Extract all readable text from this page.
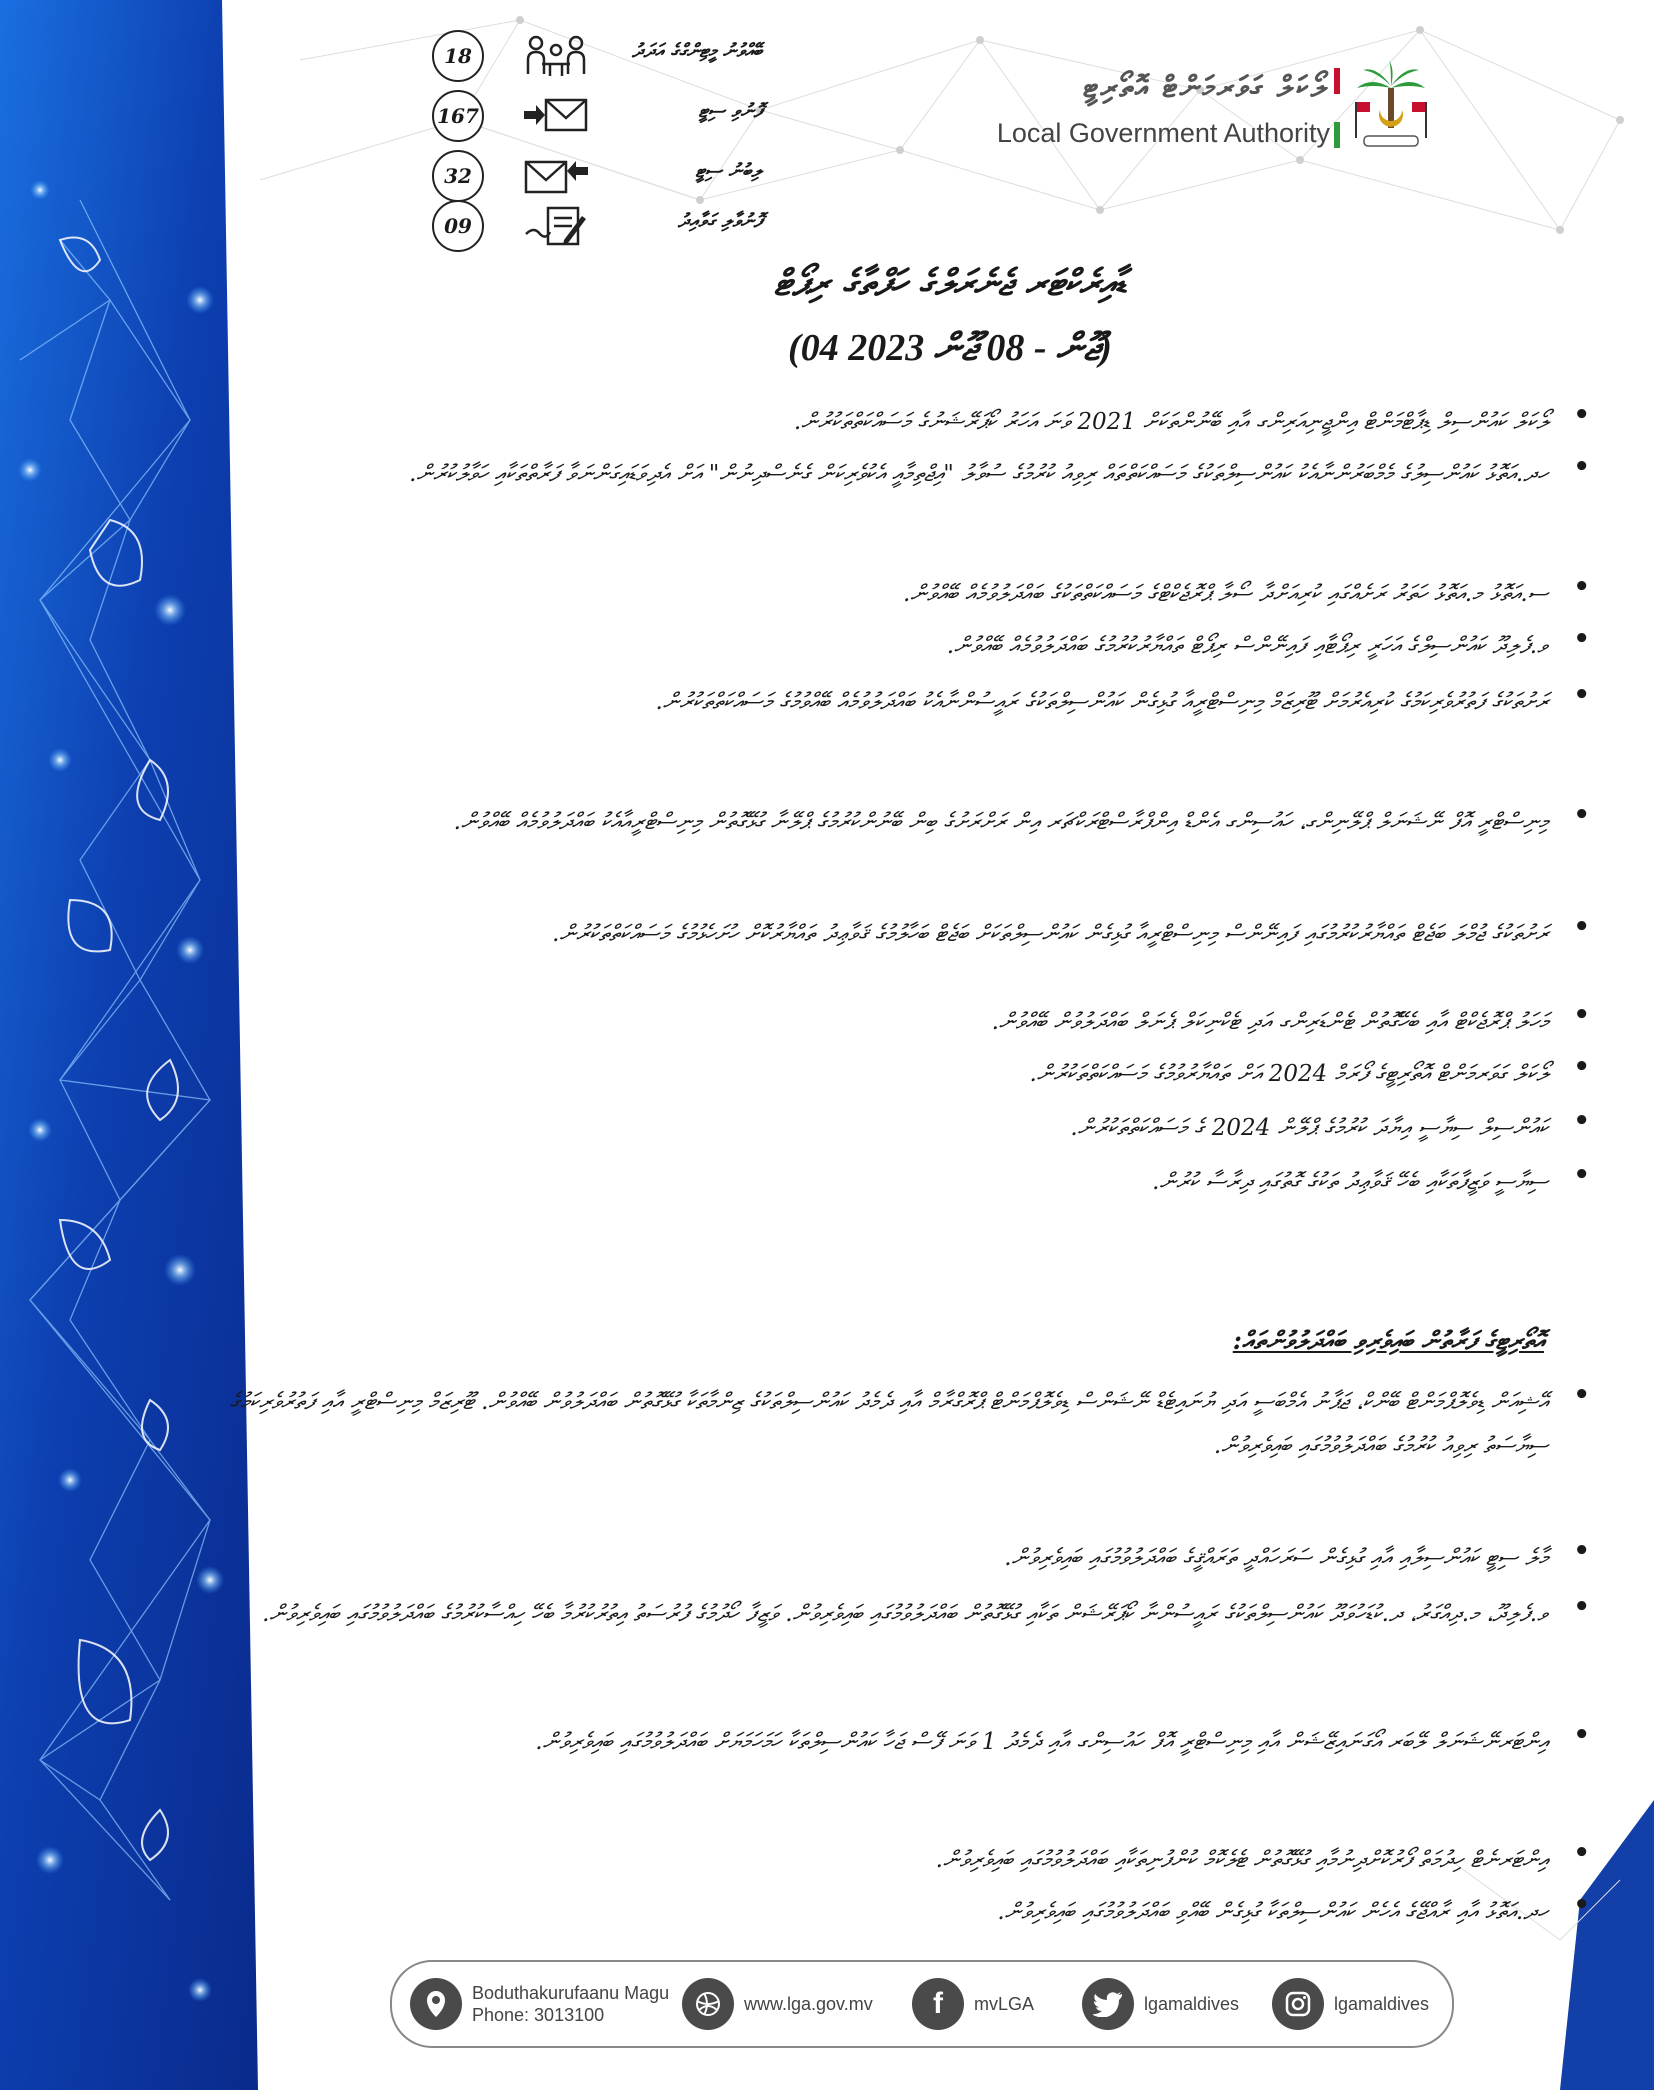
18	ބޭއްވުނު މީޓިންގްގެ އަދަދު
167	ފޮނުވި ސިޓީ
32	ލިބުނު ސިޓީ
09	ފޮނުވާލި ގަވާއިދު
ލޯކަލް ގަވަރމަންޓް އޮތޯރިޓީ
Local Government Authority
ޑާއިރެކްޓަރ ޖެނެރަލްގެ ހަފްތާގެ ރިޕޯޓް
(04 ޖޫން - 08 ޖޫން 2023)
• ލޯކަލް ކައުންސިލް ޑިޕާޓްމަންޓް އިންޖީނިއަރިންގ އާއި ބޭނުންތަކަށް 2021 ވަނަ އަހަރު ކޯޕަރޭޝަނުގެ މަސައްކަތްތަކުރުން.
• ހދ.އަތޮޅު ކައުންސިލުގެ މެމްބަރުންނާއެކު ކައުންސިލްތަކުގެ މަސައްކަތްތައް ރިވިއު ކުރުމުގެ ސުވާލު "އިޖްތިމާއީ އެކުވެރިކަން ގެނެސްދިނުން" އަށް އެދިވަޑައިގަންނަވާ ފަރާތްތަކާއި ހަވާލުކުރުން.
• ސ.އަތޮޅު މ.އަތޮޅު ހަތަރު ރަށެއްގައި ކުރިއަށްދާ ސޯލާ ޕްރޮޖެކްޓްގެ މަސައްކަތްތަކުގެ ބައްދަލުވުމެއް ބޭއްވުން.
• ވ.ފެލިދޫ ކައުންސިލްގެ އަހަރީ ރިޕޯޓާއި ފައިނޭންސް ރިޕޯޓް ތައްޔާރުކުރުމުގެ ބައްދަލުވުމެއް ބޭއްވުން.
• ރަށުތަކުގެ ފަތުރުވެރިކަމުގެ ކުރިއެރުމަށް ޓޫރިޒަމް މިނިސްޓްރީއާ ގުޅިގެން ކައުންސިލްތަކުގެ ރައީސުންނާއެކު ބައްދަލުވުމެއް ބޭއްވުމުގެ މަސައްކަތްތަކުރުން.
• މިނިސްޓްރީ އޮފް ނޭޝަނަލް ޕްލޭނިންގ، ހައުސިންގ އެންޑް އިންފްރާސްޓްރަކްޗަރ އިން ރަށްރަށުގެ ބިން ބޭނުންކުރުމުގެ ޕްލޭނާ ގުޅޭގޮތުން މިނިސްޓްރީއާއެކު ބައްދަލުވުމެއް ބޭއްވުން.
• ރަށުތަކުގެ ޖުމްލަ ބަޖެޓް ތައްޔާރުކުރުމުގައި ފައިނޭންސް މިނިސްޓްރީއާ ގުޅިގެން ކައުންސިލްތަކަށް ބަޖެޓް ބަހާލުމުގެ ޤަވާޢިދު ތައްޔާރުކޮށް ހުށަހެޅުމުގެ މަސައްކަތްތަކުރުން.
• މަހަލު ޕްރޮޖެކްޓް އާއި ބެހޭގޮތުން ޓެންޑަރިންގ އަދި ޓެކްނިކަލް ޕެނަލް ބައްދަލުވުން ބޭއްވުން.
• ލޯކަލް ގަވަރމަންޓް އޮތޯރިޓީގެ ފޯރަމް 2024 އަށް ތައްޔާރުވުމުގެ މަސައްކަތްތަކުރުން.
• ކައުންސިލް ސިޔާސީ އިޔާދަ ކުރުމުގެ ޕްލޭން 2024 ގެ މަސައްކަތްތަކުރުން.
• ސިޔާސީ ވަޒީފާތަކާއި ބެހޭ ޤަވާޢިދު ތަކުގެ ގޮތުގައި ދިރާސާ ކުރުން.
އޮތޯރިޓީގެ ފަރާތުން ބައިވެރިވި ބައްދަލުވުންތައް:
• އޭޝިއަން ޑިވެލޮޕްމަންޓް ބޭންކް، ޖަޕާނު އެމްބަސީ އަދި ޔުނައިޓެޑް ނޭޝަންސް ޑިވެލޮޕްމަންޓް ޕްރޮގްރާމް އާއި ދެމެދު ކައުންސިލްތަކުގެ ޒިންމާތަކާ ގުޅޭގޮތުން ބައްދަލުވުން ބޭއްވުން. ޓޫރިޒަމް މިނިސްޓްރީ އާއި ފަތުރުވެރިކަމުގެ ސިޔާސަތު ރިވިއު ކުރުމުގެ ބައްދަލުވުމުގައި ބައިވެރިވުން.
• މާލެ ސިޓީ ކައުންސިލާއި އާއި ގުޅިގެން ސަރަހައްދީ ތަރައްޤީގެ ބައްދަލުވުމުގައި ބައިވެރިވުން.
• ވ.ފެލިދޫ، މ.ދިއްގަރު، ދ.ކުޑަހުވަދޫ ކައުންސިލްތަކުގެ ރައީސުންނާ ކޯޕަރޭޝަން ތަކާއި ގުޅޭގޮތުން ބައްދަލުވުމުގައި ބައިވެރިވުން. ވަޒީފާ ހޯދުމުގެ ފުރުސަތު އިތުރުކުރުމާ ބެހޭ ހިއްސާކުރުމުގެ ބައްދަލުވުމުގައި ބައިވެރިވުން.
• އިންޓަރނޭޝަނަލް ލޭބަރ އޯގަނައިޒޭޝަން އާއި މިނިސްޓްރީ އޮފް ހައުސިންގ އާއި ދެމެދު 1 ވަނަ ފޭސް ޖަހާ ކައުންސިލްތަކާ ހަމަހަމަޔަށް ބައްދަލުވުމުގައި ބައިވެރިވުން.
• އިންޓަރނެޓް ހިދުމަތް ފޯރުކޮށްދިނުމާއި ގުޅޭގޮތުން ޓެލެކޮމް ކުންފުނިތަކާއި ބައްދަލުވުމުގައި ބައިވެރިވުން.
• ހދ.އަތޮޅު އާއި ރާއްޖޭގެ އެހެން ކައުންސިލްތަކާ ގުޅިގެން ބޭއްވި ބައްދަލުވުމުގައި ބައިވެރިވުން.
Boduthakurufaanu Magu
Phone: 3013100
www.lga.gov.mv f mvLGA	lgamaldives	lgamaldives
